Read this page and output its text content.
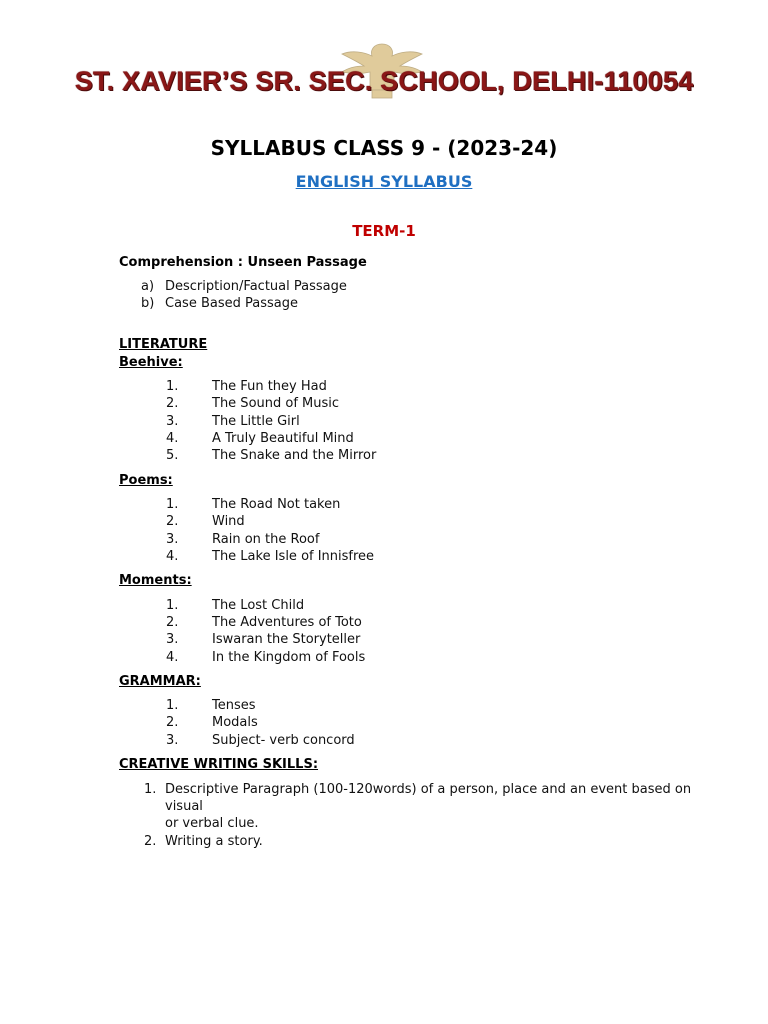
ST. XAVIER’S SR. SEC. SCHOOL, DELHI-110054
SYLLABUS CLASS 9 - (2023-24)
ENGLISH SYLLABUS
TERM-1
Comprehension : Unseen Passage
a) Description/Factual Passage
b) Case Based Passage
LITERATURE
Beehive:
1.	The Fun they Had
2.	The Sound of Music
3.	The Little Girl
4.	A Truly Beautiful Mind
5.	The Snake and the Mirror
Poems:
1.	The Road Not taken
2.	Wind
3.	Rain on the Roof
4.	The Lake Isle of Innisfree
Moments:
1.	The Lost Child
2.	The Adventures of Toto
3.	Iswaran the Storyteller
4.	In the Kingdom of Fools
GRAMMAR:
1.	Tenses
2.	Modals
3.	Subject- verb concord
CREATIVE WRITING SKILLS:
1. Descriptive Paragraph (100-120words) of a person, place and an event based on
visual
or verbal clue.
2. Writing a story.
